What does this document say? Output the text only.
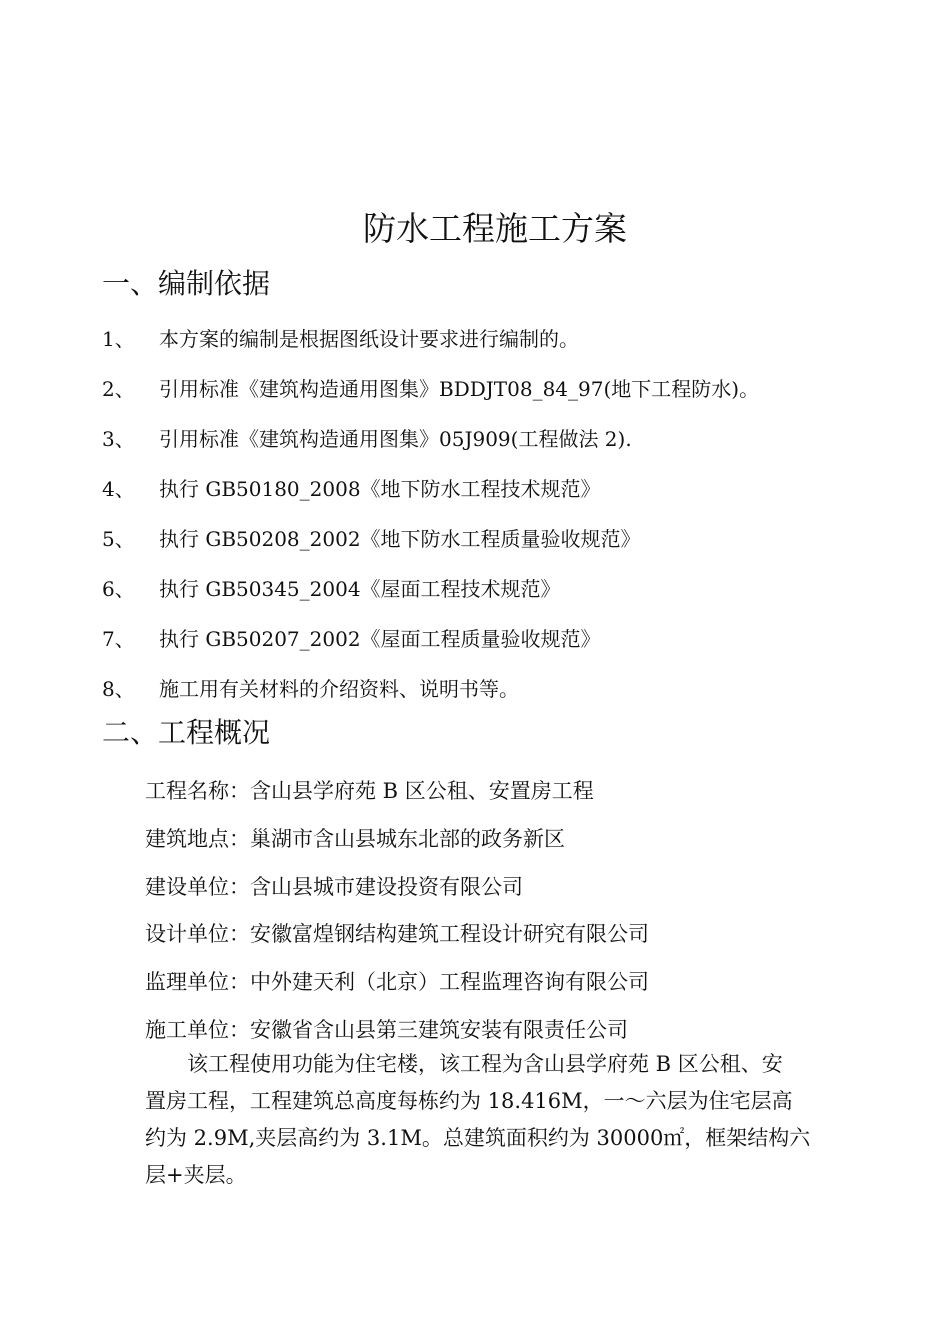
防水工程施工方案
一、编制依据
1、 本方案的编制是根据图纸设计要求进行编制的。
2、 引用标准《建筑构造通用图集》BDDJT08_84_97(地下工程防水)。
3、 引用标准《建筑构造通用图集》05J909(工程做法 2).
4、 执行 GB50180_2008《地下防水工程技术规范》
5、 执行 GB50208_2002《地下防水工程质量验收规范》
6、 执行 GB50345_2004《屋面工程技术规范》
7、 执行 GB50207_2002《屋面工程质量验收规范》
8、 施工用有关材料的介绍资料、说明书等。
二、工程概况
工程名称：含山县学府苑 B 区公租、安置房工程
建筑地点：巢湖市含山县城东北部的政务新区
建设单位：含山县城市建设投资有限公司
设计单位：安徽富煌钢结构建筑工程设计研究有限公司
监理单位：中外建天利（北京）工程监理咨询有限公司
施工单位：安徽省含山县第三建筑安装有限责任公司
该工程使用功能为住宅楼，该工程为含山县学府苑 B 区公租、安
置房工程，工程建筑总高度每栋约为 18.416M，一～六层为住宅层高
约为 2.9M,夹层高约为 3.1M。总建筑面积约为 30000㎡，框架结构六
层+夹层。
